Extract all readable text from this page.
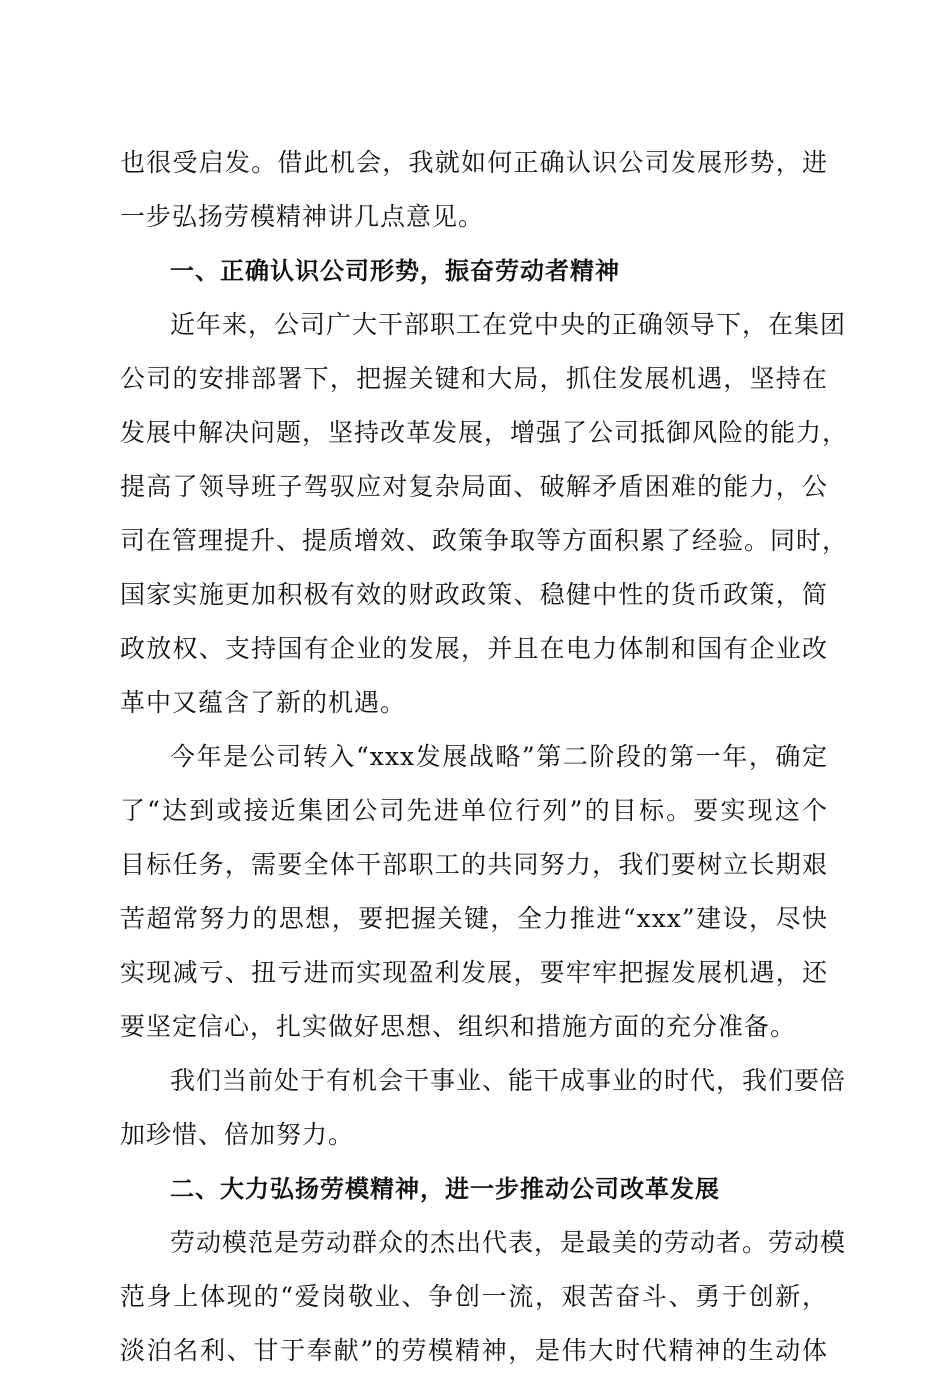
也很受启发。借此机会，我就如何正确认识公司发展形势，进
一步弘扬劳模精神讲几点意见。
一、正确认识公司形势，振奋劳动者精神
近年来，公司广大干部职工在党中央的正确领导下，在集团
公司的安排部署下，把握关键和大局，抓住发展机遇，坚持在
发展中解决问题，坚持改革发展，增强了公司抵御风险的能力，
提高了领导班子驾驭应对复杂局面、破解矛盾困难的能力，公
司在管理提升、提质增效、政策争取等方面积累了经验。同时，
国家实施更加积极有效的财政政策、稳健中性的货币政策，简
政放权、支持国有企业的发展，并且在电力体制和国有企业改
革中又蕴含了新的机遇。
今年是公司转入“xxx发展战略”第二阶段的第一年，确定
了“达到或接近集团公司先进单位行列”的目标。要实现这个
目标任务，需要全体干部职工的共同努力，我们要树立长期艰
苦超常努力的思想，要把握关键，全力推进“xxx”建设，尽快
实现减亏、扭亏进而实现盈利发展，要牢牢把握发展机遇，还
要坚定信心，扎实做好思想、组织和措施方面的充分准备。
我们当前处于有机会干事业、能干成事业的时代，我们要倍
加珍惜、倍加努力。
二、大力弘扬劳模精神，进一步推动公司改革发展
劳动模范是劳动群众的杰出代表，是最美的劳动者。劳动模
范身上体现的“爱岗敬业、争创一流，艰苦奋斗、勇于创新，
淡泊名利、甘于奉献”的劳模精神，是伟大时代精神的生动体
